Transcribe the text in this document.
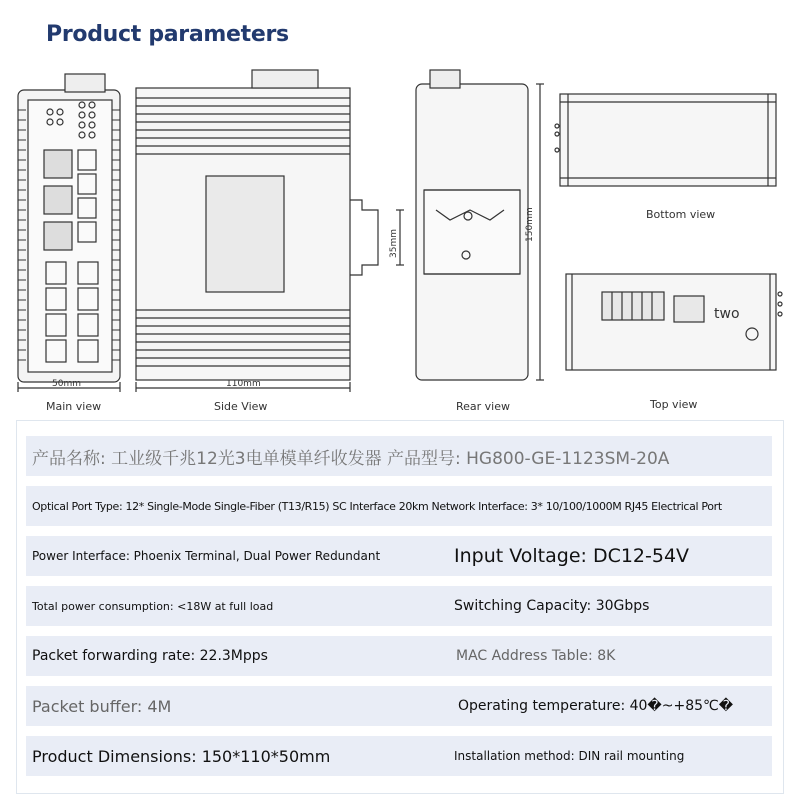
Product parameters
50mm	110mm
35mm
150mm
two
Main view	Side View	Rear view
Bottom view
Top view
产品名称: 工业级千兆12光3电单模单纤收发器 产品型号: HG800-GE-1123SM-20A
Optical Port Type: 12* Single-Mode Single-Fiber (T13/R15) SC Interface 20km Network Interface: 3* 10/100/1000M RJ45 Electrical Port
Power Interface: Phoenix Terminal, Dual Power Redundant	Input Voltage: DC12-54V
Total power consumption: <18W at full load	Switching Capacity: 30Gbps
Packet forwarding rate: 22.3Mpps	MAC Address Table: 8K
Packet buffer: 4M	Operating temperature: 40�~+85℃�
Product Dimensions: 150*110*50mm	Installation method: DIN rail mounting
